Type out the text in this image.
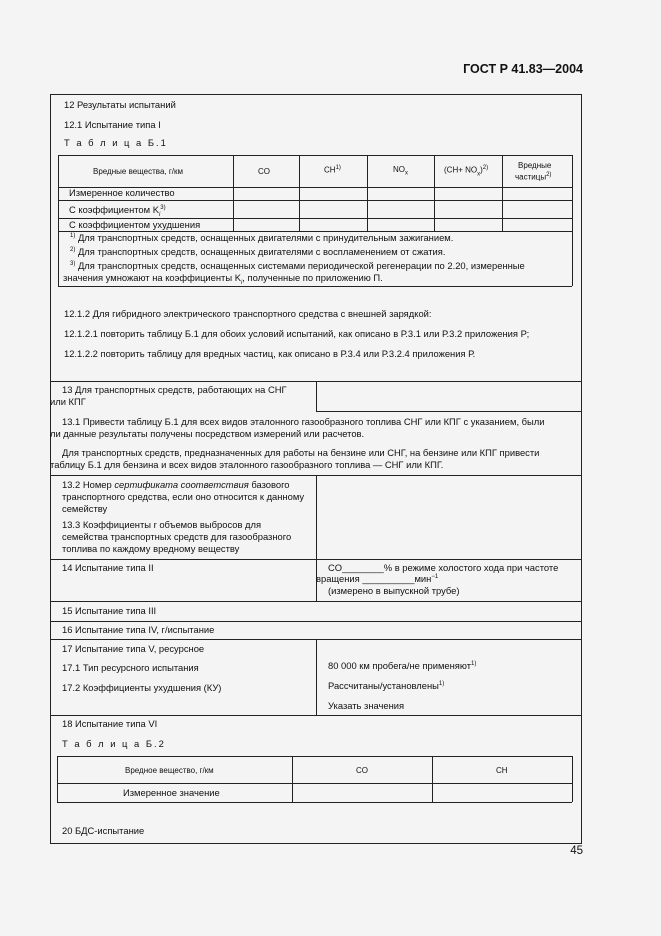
ГОСТ Р 41.83—2004
12 Результаты испытаний
12.1 Испытание типа I
Т а б л и ц а Б.1
Вредные вещества, г/км	CO	CH$^{1)}$	$NO_x$	$(CH+ NO_x)^{2)}$	Вредные
частицы$^{2)}$
Измеренное количество
С коэффициентом $K_i^{3)}$
С коэффициентом ухудшения
$^{1)}$ Для транспортных средств, оснащенных двигателями с принудительным зажиганием.
$^{2)}$ Для транспортных средств, оснащенных двигателями с воспламенением от сжатия.
$^{3)}$ Для транспортных средств, оснащенных системами периодической регенерации по 2.20, измеренные
значения умножают на коэффициенты $K_i$, полученные по приложению П.
12.1.2 Для гибридного электрического транспортного средства с внешней зарядкой:
12.1.2.1 повторить таблицу Б.1 для обоих условий испытаний, как описано в Р.3.1 или Р.3.2 приложения Р;
12.1.2.2 повторить таблицу для вредных частиц, как описано в Р.3.4 или Р.3.2.4 приложения Р.
13 Для транспортных средств, работающих на СНГ
или КПГ
13.1 Привести таблицу Б.1 для всех видов эталонного газообразного топлива СНГ или КПГ с указанием, были
ли данные результаты получены посредством измерений или расчетов.
Для транспортных средств, предназначенных для работы на бензине или СНГ, на бензине или КПГ привести
таблицу Б.1 для бензина и всех видов эталонного газообразного топлива — СНГ или КПГ.
13.2 Номер сертификата соответствия базового
транспортного средства, если оно относится к данному
семейству
13.3 Коэффициенты r объемов выбросов для
семейства транспортных средств для газообразного
топлива по каждому вредному веществу
14 Испытание типа II	CO________% в режиме холостого хода при частоте
вращения __________мин$^{-1}$
(измерено в выпускной трубе)
15 Испытание типа III
16 Испытание типа IV, г/испытание
17 Испытание типа V, ресурсное
17.1 Тип ресурсного испытания	80 000 км пробега/не применяют$^{1)}$
17.2 Коэффициенты ухудшения (КУ)	Рассчитаны/установлены$^{1)}$
Указать значения
18 Испытание типа VI
Т а б л и ц а Б.2
Вредное вещество, г/км	CO	CH
Измеренное значение
20 БДС-испытание
45
